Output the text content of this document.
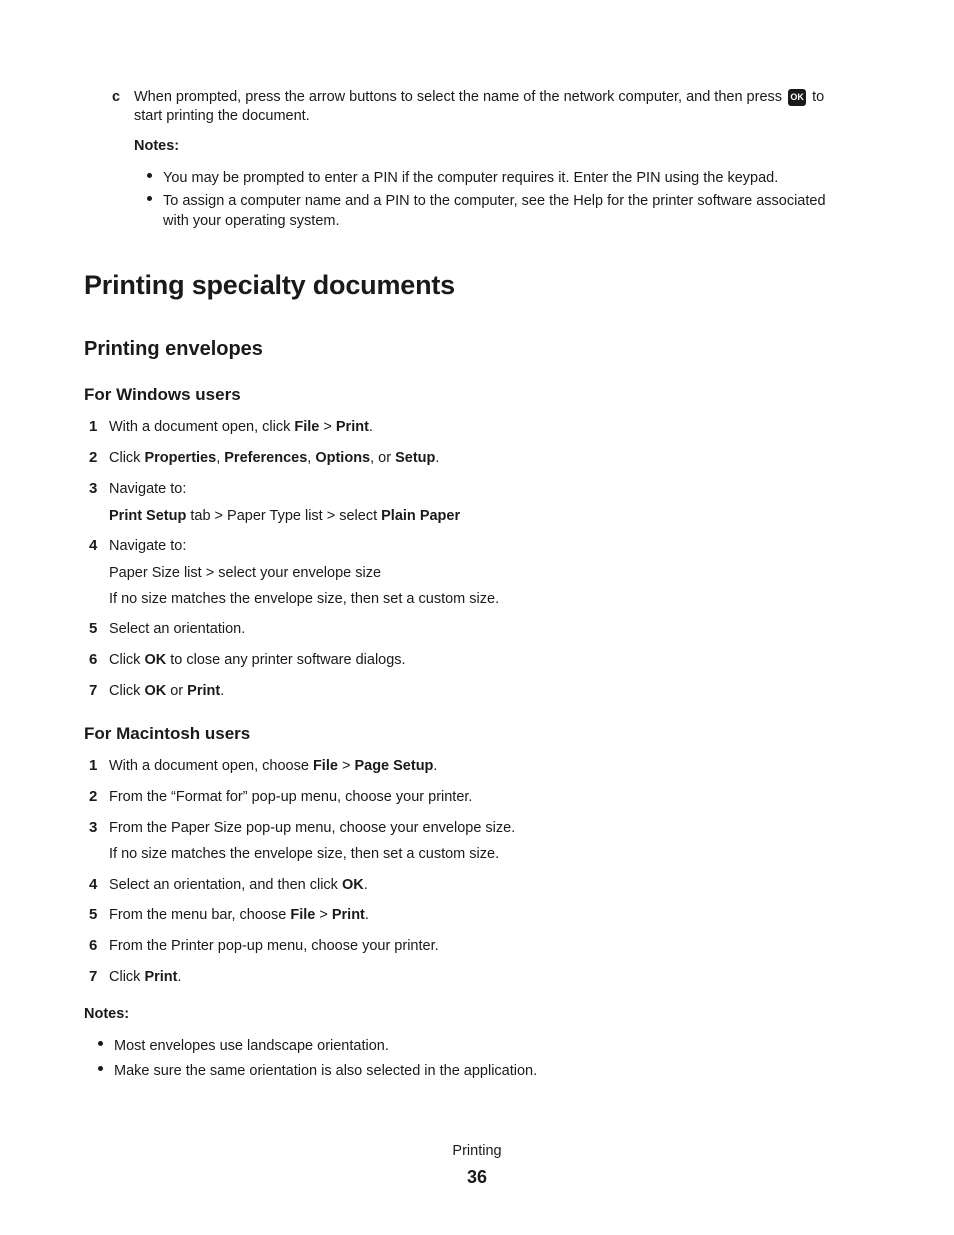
c When prompted, press the arrow buttons to select the name of the network computer, and then press OK to
start printing the document.
Notes:
You may be prompted to enter a PIN if the computer requires it. Enter the PIN using the keypad.
To assign a computer name and a PIN to the computer, see the Help for the printer software associated
with your operating system.
Printing specialty documents
Printing envelopes
For Windows users
1 With a document open, click File > Print.
2 Click Properties, Preferences, Options, or Setup.
3 Navigate to:
Print Setup tab > Paper Type list > select Plain Paper
4 Navigate to:
Paper Size list > select your envelope size
If no size matches the envelope size, then set a custom size.
5 Select an orientation.
6 Click OK to close any printer software dialogs.
7 Click OK or Print.
For Macintosh users
1 With a document open, choose File > Page Setup.
2 From the “Format for” pop-up menu, choose your printer.
3 From the Paper Size pop-up menu, choose your envelope size.
If no size matches the envelope size, then set a custom size.
4 Select an orientation, and then click OK.
5 From the menu bar, choose File > Print.
6 From the Printer pop-up menu, choose your printer.
7 Click Print.
Notes:
Most envelopes use landscape orientation.
Make sure the same orientation is also selected in the application.
Printing
36
